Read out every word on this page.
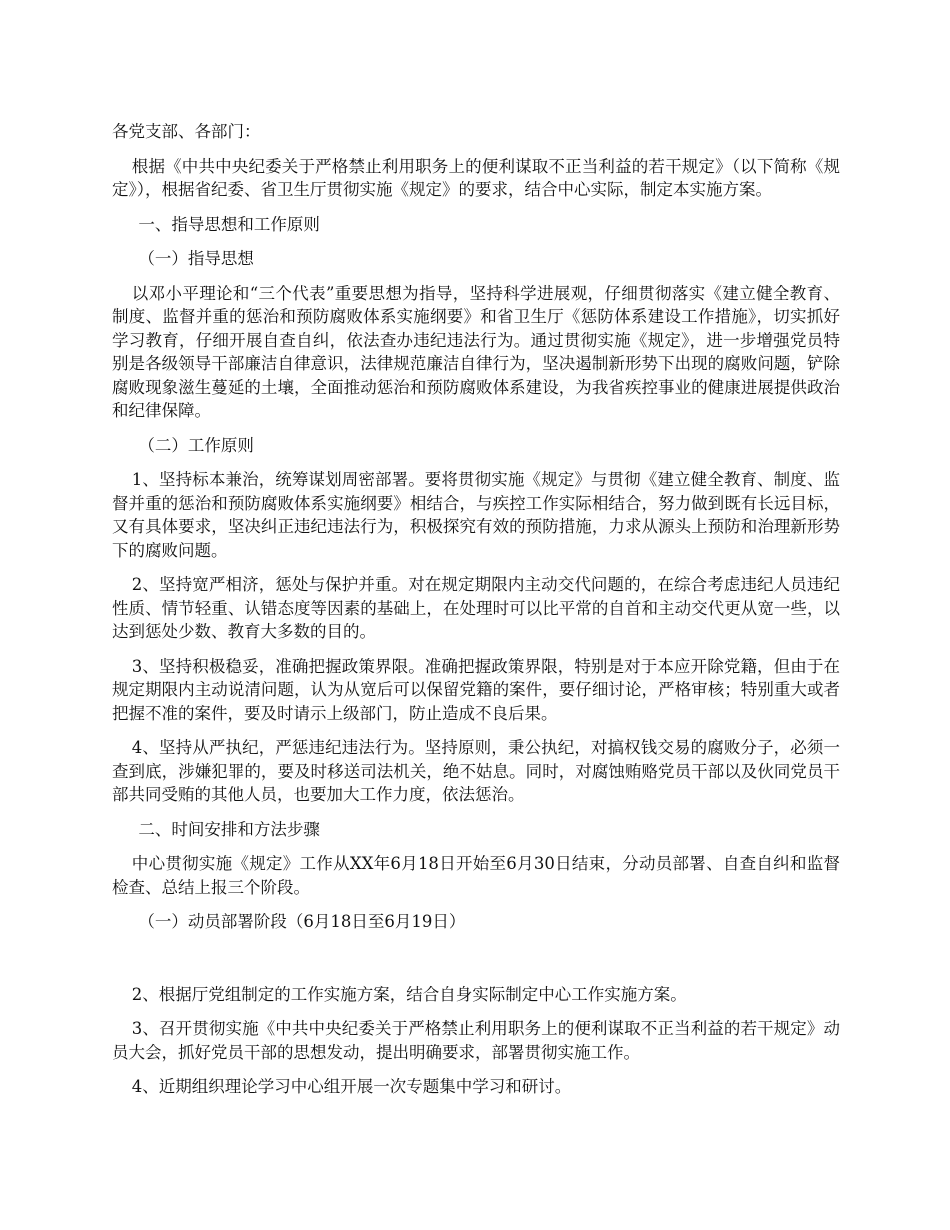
各党支部、各部门：

根据《中共中央纪委关于严格禁止利用职务上的便利谋取不正当利益的若干规定》（以下简称《规定》），根据省纪委、省卫生厅贯彻实施《规定》的要求，结合中心实际，制定本实施方案。

一、指导思想和工作原则

（一）指导思想

以邓小平理论和“三个代表”重要思想为指导，坚持科学进展观，仔细贯彻落实《建立健全教育、制度、监督并重的惩治和预防腐败体系实施纲要》和省卫生厅《惩防体系建设工作措施》，切实抓好学习教育，仔细开展自查自纠，依法查办违纪违法行为。通过贯彻实施《规定》，进一步增强党员特别是各级领导干部廉洁自律意识，法律规范廉洁自律行为，坚决遏制新形势下出现的腐败问题，铲除腐败现象滋生蔓延的土壤，全面推动惩治和预防腐败体系建设，为我省疾控事业的健康进展提供政治和纪律保障。

（二）工作原则

1、坚持标本兼治，统筹谋划周密部署。要将贯彻实施《规定》与贯彻《建立健全教育、制度、监督并重的惩治和预防腐败体系实施纲要》相结合，与疾控工作实际相结合，努力做到既有长远目标，又有具体要求，坚决纠正违纪违法行为，积极探究有效的预防措施，力求从源头上预防和治理新形势下的腐败问题。

2、坚持宽严相济，惩处与保护并重。对在规定期限内主动交代问题的，在综合考虑违纪人员违纪性质、情节轻重、认错态度等因素的基础上，在处理时可以比平常的自首和主动交代更从宽一些，以达到惩处少数、教育大多数的目的。

3、坚持积极稳妥，准确把握政策界限。准确把握政策界限，特别是对于本应开除党籍，但由于在规定期限内主动说清问题，认为从宽后可以保留党籍的案件，要仔细讨论，严格审核；特别重大或者把握不准的案件，要及时请示上级部门，防止造成不良后果。

4、坚持从严执纪，严惩违纪违法行为。坚持原则，秉公执纪，对搞权钱交易的腐败分子，必须一查到底，涉嫌犯罪的，要及时移送司法机关，绝不姑息。同时，对腐蚀贿赂党员干部以及伙同党员干部共同受贿的其他人员，也要加大工作力度，依法惩治。

二、时间安排和方法步骤

中心贯彻实施《规定》工作从XX年6月18日开始至6月30日结束，分动员部署、自查自纠和监督检查、总结上报三个阶段。

（一）动员部署阶段（6月18日至6月19日）

2、根据厅党组制定的工作实施方案，结合自身实际制定中心工作实施方案。

3、召开贯彻实施《中共中央纪委关于严格禁止利用职务上的便利谋取不正当利益的若干规定》动员大会，抓好党员干部的思想发动，提出明确要求，部署贯彻实施工作。

4、近期组织理论学习中心组开展一次专题集中学习和研讨。
